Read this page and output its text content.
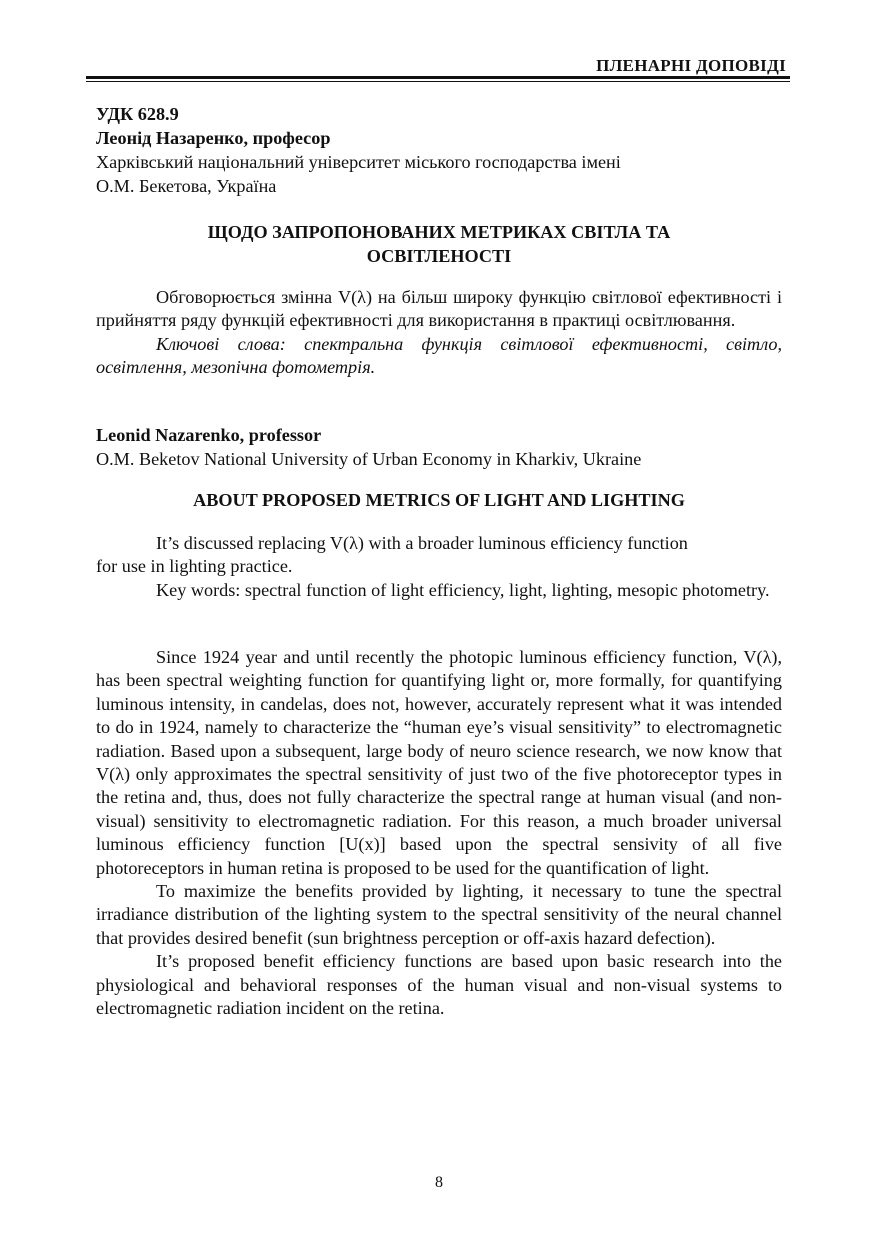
ПЛЕНАРНІ ДОПОВІДІ
УДК 628.9
Леонід Назаренко, професор
Харківський національний університет міського господарства імені
О.М. Бекетова, Україна
ЩОДО ЗАПРОПОНОВАНИХ МЕТРИКАХ СВІТЛА ТА
ОСВІТЛЕНОСТІ

Обговорюється змінна V(λ) на більш широку функцію світлової ефективності і прийняття ряду функцій ефективності для використання в практиці освітлювання.

Ключові слова: спектральна функція світлової ефективності, світло, освітлення, мезопічна фотометрія.

Leonid Nazarenko, professor
O.M. Beketov National University of Urban Economy in Kharkiv, Ukraine
ABOUT PROPOSED METRICS OF LIGHT AND LIGHTING

It’s discussed replacing V(λ) with a broader luminous efficiency function

for use in lighting practice.

Key words: spectral function of light efficiency, light, lighting, mesopic photometry.

Since 1924 year and until recently the photopic luminous efficiency function, V(λ), has been spectral weighting function for quantifying light or, more formally, for quantifying luminous intensity, in candelas, does not, however, accurately represent what it was intended to do in 1924, namely to characterize the “human eye’s visual sensitivity” to electromagnetic radiation. Based upon a subsequent, large body of neuro science research, we now know that V(λ) only approximates the spectral sensitivity of just two of the five photoreceptor types in the retina and, thus, does not fully characterize the spectral range at human visual (and non-visual) sensitivity to electromagnetic radiation. For this reason, a much broader universal luminous efficiency function [U(x)] based upon the spectral sensivity of all five photoreceptors in human retina is proposed to be used for the quantification of light.

To maximize the benefits provided by lighting, it necessary to tune the spectral irradiance distribution of the lighting system to the spectral sensitivity of the neural channel that provides desired benefit (sun brightness perception or off-axis hazard defection).

It’s proposed benefit efficiency functions are based upon basic research into the physiological and behavioral responses of the human visual and non-visual systems to electromagnetic radiation incident on the retina.

8
